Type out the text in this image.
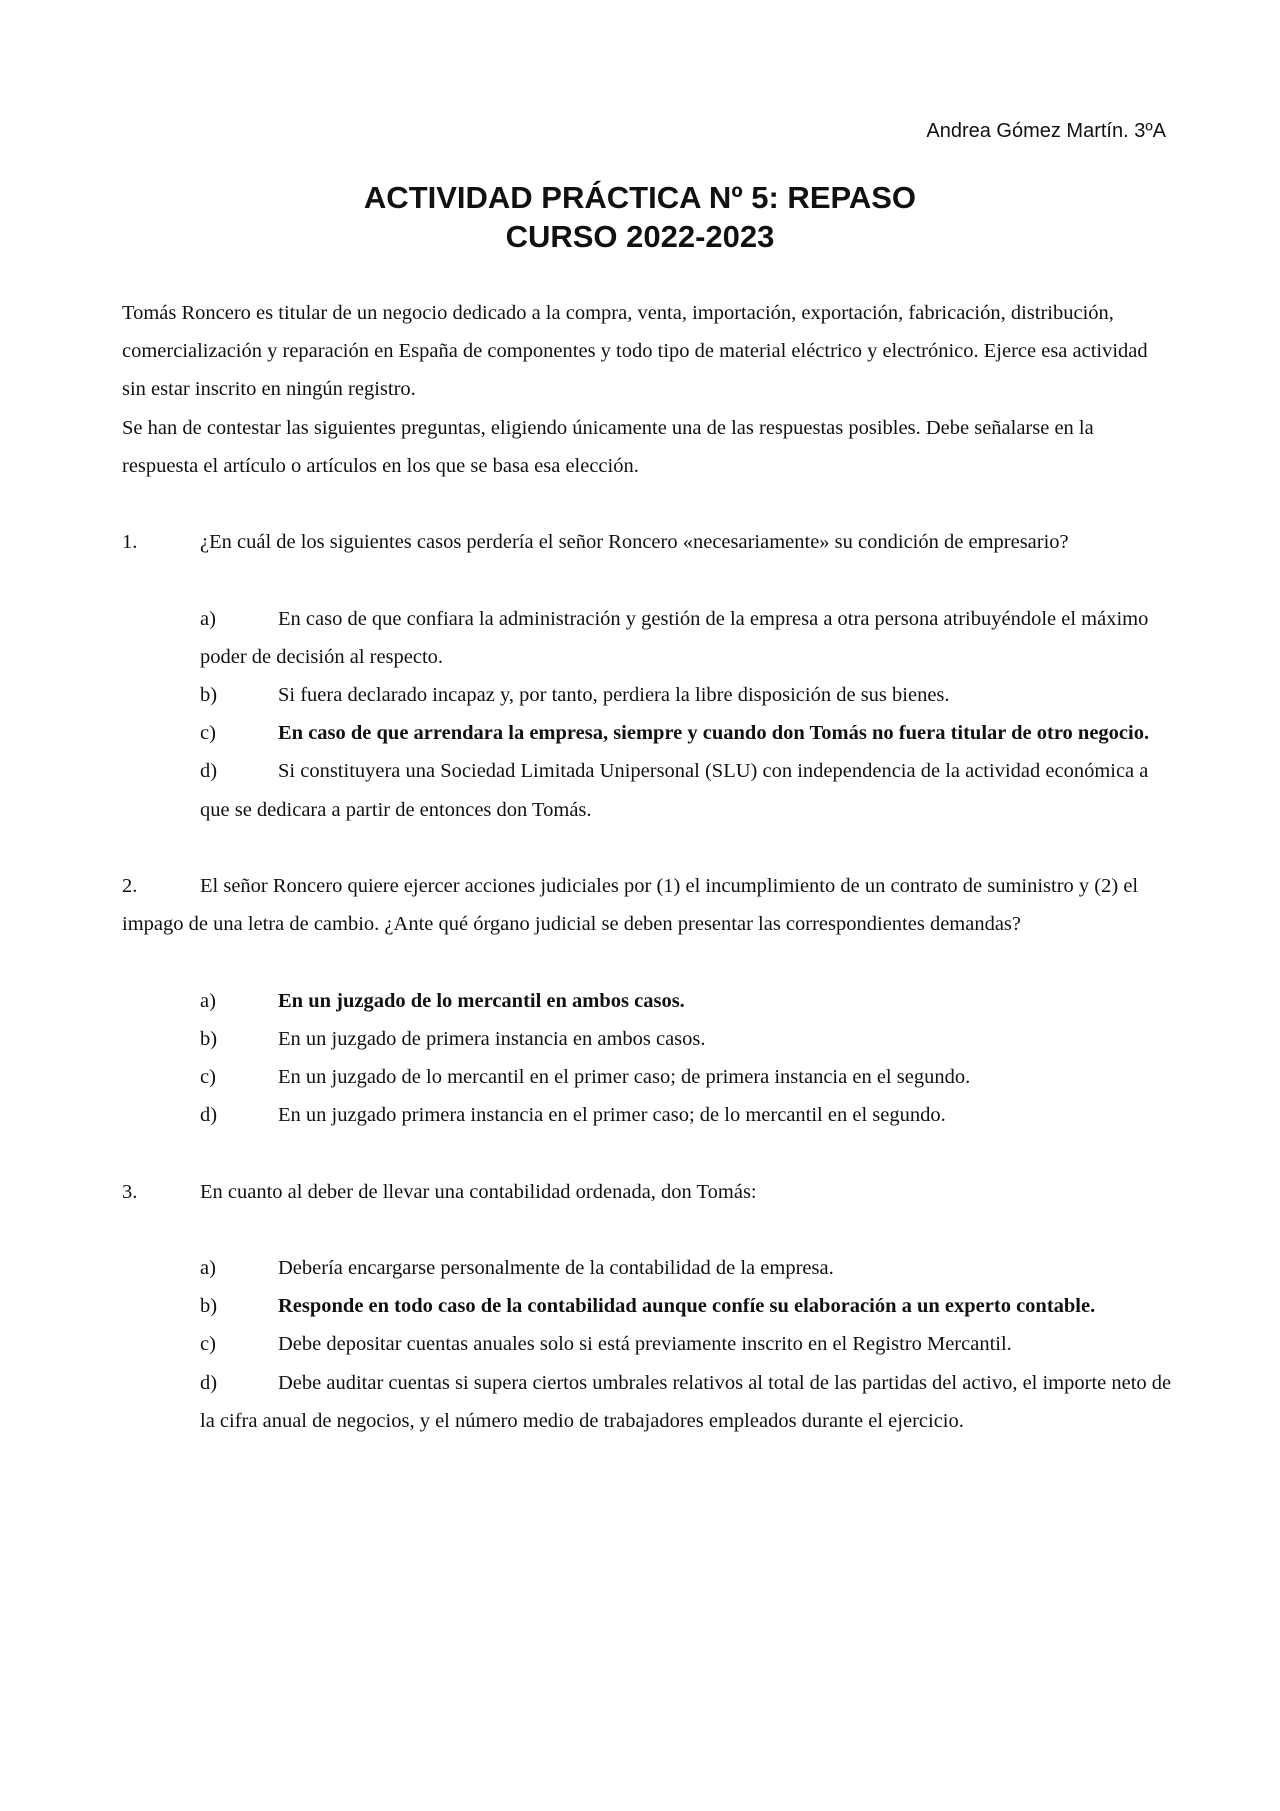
Andrea Gómez Martín. 3ºA
ACTIVIDAD PRÁCTICA Nº 5: REPASO
CURSO 2022-2023

Tomás Roncero es titular de un negocio dedicado a la compra, venta, importación, exportación, fabricación, distribución, comercialización y reparación en España de componentes y todo tipo de material eléctrico y electrónico. Ejerce esa actividad sin estar inscrito en ningún registro.

Se han de contestar las siguientes preguntas, eligiendo únicamente una de las respuestas posibles. Debe señalarse en la respuesta el artículo o artículos en los que se basa esa elección.

1.	¿En cuál de los siguientes casos perdería el señor Roncero «necesariamente» su condición de empresario?
a)	En caso de que confiara la administración y gestión de la empresa a otra persona atribuyéndole el máximo poder de decisión al respecto.
b)	Si fuera declarado incapaz y, por tanto, perdiera la libre disposición de sus bienes.
c)	En caso de que arrendara la empresa, siempre y cuando don Tomás no fuera titular de otro negocio.
d)	Si constituyera una Sociedad Limitada Unipersonal (SLU) con independencia de la actividad económica a que se dedicara a partir de entonces don Tomás.
2.	El señor Roncero quiere ejercer acciones judiciales por (1) el incumplimiento de un contrato de suministro y (2) el impago de una letra de cambio. ¿Ante qué órgano judicial se deben presentar las correspondientes demandas?
a)	En un juzgado de lo mercantil en ambos casos.
b)	En un juzgado de primera instancia en ambos casos.
c)	En un juzgado de lo mercantil en el primer caso; de primera instancia en el segundo.
d)	En un juzgado primera instancia en el primer caso; de lo mercantil en el segundo.
3.	En cuanto al deber de llevar una contabilidad ordenada, don Tomás:
a)	Debería encargarse personalmente de la contabilidad de la empresa.
b)	Responde en todo caso de la contabilidad aunque confíe su elaboración a un experto contable.
c)	Debe depositar cuentas anuales solo si está previamente inscrito en el Registro Mercantil.
d)	Debe auditar cuentas si supera ciertos umbrales relativos al total de las partidas del activo, el importe neto de la cifra anual de negocios, y el número medio de trabajadores empleados durante el ejercicio.
